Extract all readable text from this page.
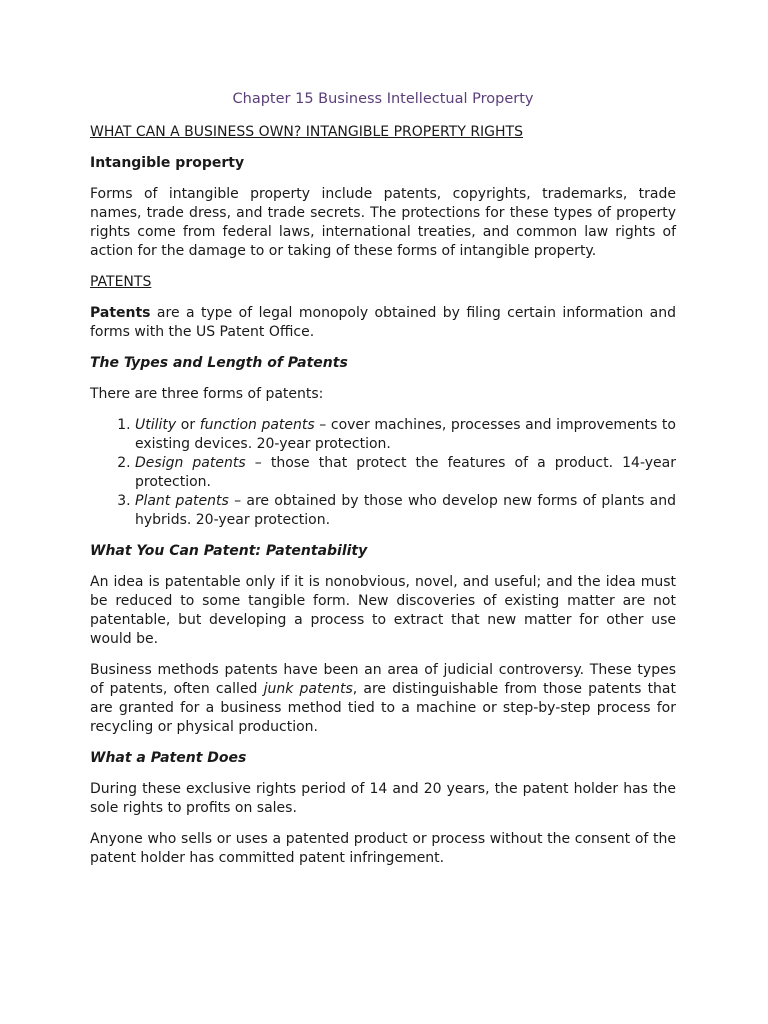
Chapter 15 Business Intellectual Property
WHAT CAN A BUSINESS OWN? INTANGIBLE PROPERTY RIGHTS
Intangible property

Forms of intangible property include patents, copyrights, trademarks, trade names, trade dress, and trade secrets. The protections for these types of property rights come from federal laws, international treaties, and common law rights of action for the damage to or taking of these forms of intangible property.

PATENTS

Patents are a type of legal monopoly obtained by filing certain information and forms with the US Patent Office.

The Types and Length of Patents

There are three forms of patents:

1. Utility or function patents – cover machines, processes and improvements to existing devices. 20-year protection.
2. Design patents – those that protect the features of a product. 14-year protection.
3. Plant patents – are obtained by those who develop new forms of plants and hybrids. 20-year protection.
What You Can Patent: Patentability

An idea is patentable only if it is nonobvious, novel, and useful; and the idea must be reduced to some tangible form. New discoveries of existing matter are not patentable, but developing a process to extract that new matter for other use would be.

Business methods patents have been an area of judicial controversy. These types of patents, often called junk patents, are distinguishable from those patents that are granted for a business method tied to a machine or step-by-step process for recycling or physical production.

What a Patent Does

During these exclusive rights period of 14 and 20 years, the patent holder has the sole rights to profits on sales.

Anyone who sells or uses a patented product or process without the consent of the patent holder has committed patent infringement.
